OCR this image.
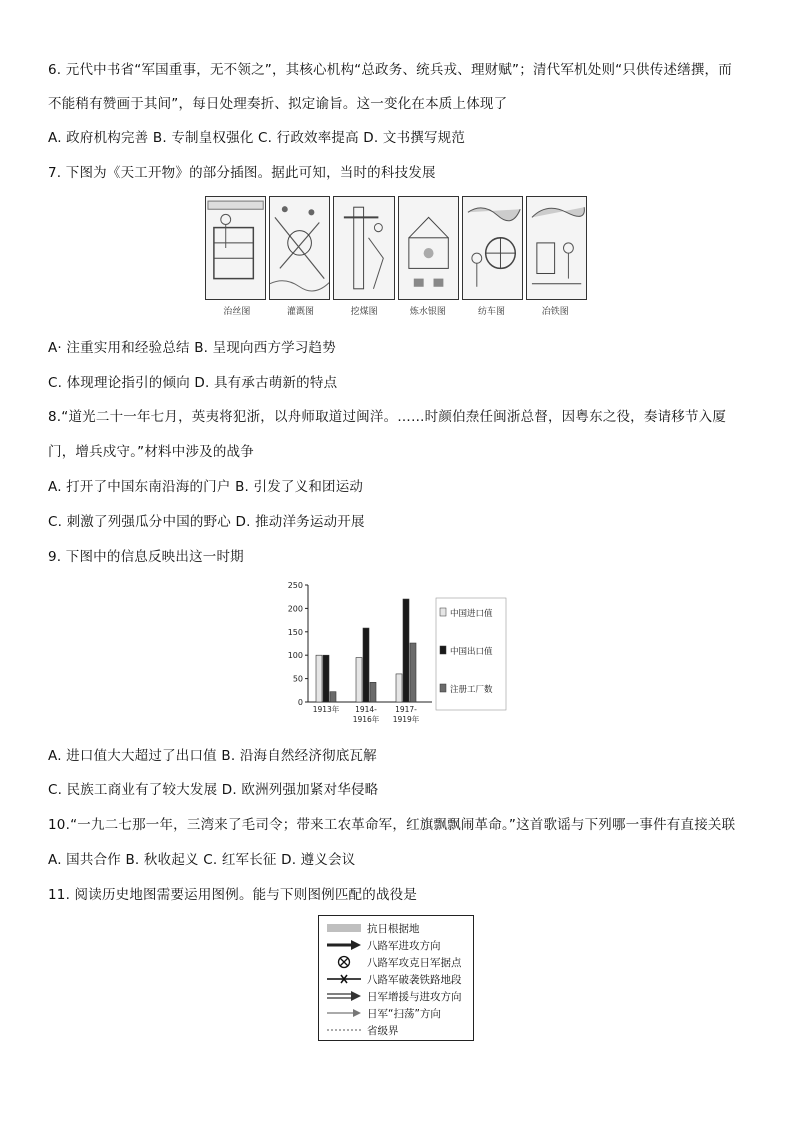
6. 元代中书省“军国重事，无不领之”，其核心机构“总政务、统兵戎、理财赋”；清代军机处则“只供传述缮撰，而
不能稍有赞画于其间”，每日处理奏折、拟定谕旨。这一变化在本质上体现了
A. 政府机构完善 B. 专制皇权强化 C. 行政效率提高 D. 文书撰写规范
7. 下图为《天工开物》的部分插图。据此可知，当时的科技发展
治丝图	灌溉图	挖煤图	炼水银图	纺车图	冶铁图
A· 注重实用和经验总结 B. 呈现向西方学习趋势
C. 体现理论指引的倾向 D. 具有承古萌新的特点
8.“道光二十一年七月，英夷将犯浙，以舟师取道过闽洋。……时颜伯焘任闽浙总督，因粤东之役，奏请移节入厦
门，增兵戍守。”材料中涉及的战争
A. 打开了中国东南沿海的门户 B. 引发了义和团运动
C. 刺激了列强瓜分中国的野心 D. 推动洋务运动开展
9. 下图中的信息反映出这一时期
0
50
100
150
200
250
1913年 1914-
1916年
1917-
1919年
中国进口值
中国出口值
注册工厂数
A. 进口值大大超过了出口值 B. 沿海自然经济彻底瓦解
C. 民族工商业有了较大发展 D. 欧洲列强加紧对华侵略
10.“一九二七那一年，三湾来了毛司令；带来工农革命军，红旗飘飘闹革命。”这首歌谣与下列哪一事件有直接关联
A. 国共合作 B. 秋收起义 C. 红军长征 D. 遵义会议
11. 阅读历史地图需要运用图例。能与下则图例匹配的战役是
抗日根据地
八路军进攻方向
八路军攻克日军据点
八路军破袭铁路地段
日军增援与进攻方向
日军“扫荡”方向
省级界
